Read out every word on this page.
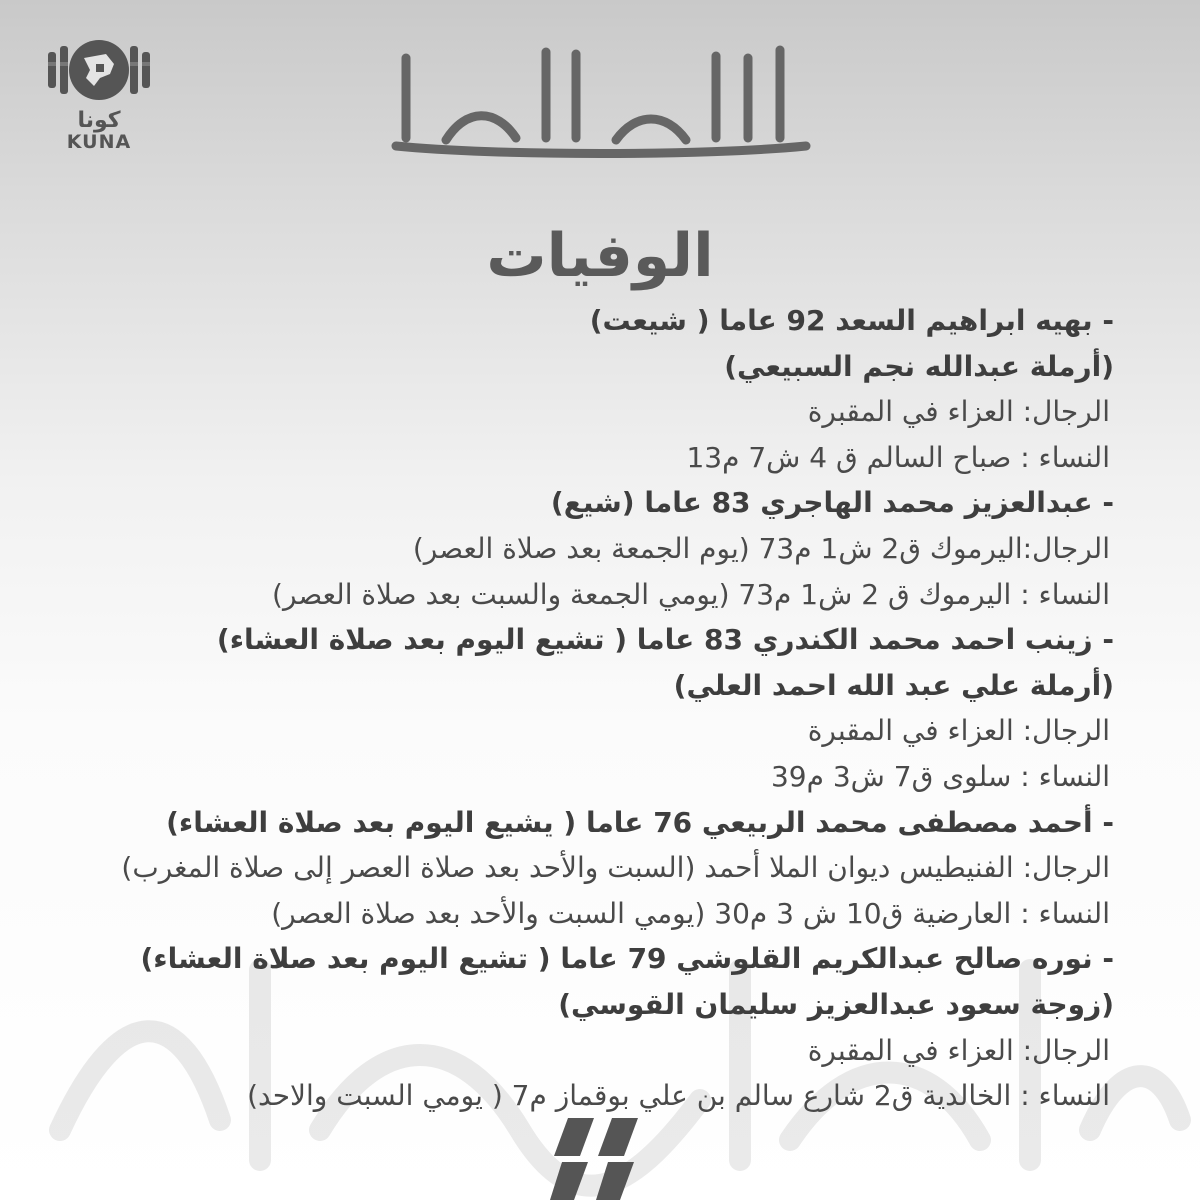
كونا
KUNA
الوفيات
- بهيه ابراهيم السعد 92 عاما ( شيعت)
(أرملة عبدالله نجم السبيعي)
الرجال: العزاء في المقبرة
النساء : صباح السالم ق 4 ش7 م13
- عبدالعزيز محمد الهاجري 83 عاما (شيع)
الرجال:اليرموك ق2 ش1 م73 (يوم الجمعة بعد صلاة العصر)
النساء : اليرموك ق 2 ش1 م73 (يومي الجمعة والسبت بعد صلاة العصر)
- زينب احمد محمد الكندري 83 عاما ( تشيع اليوم بعد صلاة العشاء)
(أرملة علي عبد الله احمد العلي)
الرجال: العزاء في المقبرة
النساء : سلوى ق7 ش3 م39
- أحمد مصطفى محمد الربيعي 76 عاما ( يشيع اليوم بعد صلاة العشاء)
الرجال: الفنيطيس ديوان الملا أحمد (السبت والأحد بعد صلاة العصر إلى صلاة المغرب)
النساء : العارضية ق10 ش 3 م30 (يومي السبت والأحد بعد صلاة العصر)
- نوره صالح عبدالكريم القلوشي 79 عاما ( تشيع اليوم بعد صلاة العشاء)
(زوجة سعود عبدالعزيز سليمان القوسي)
الرجال: العزاء في المقبرة
النساء : الخالدية ق2 شارع سالم بن علي بوقماز م7 ( يومي السبت والاحد)
